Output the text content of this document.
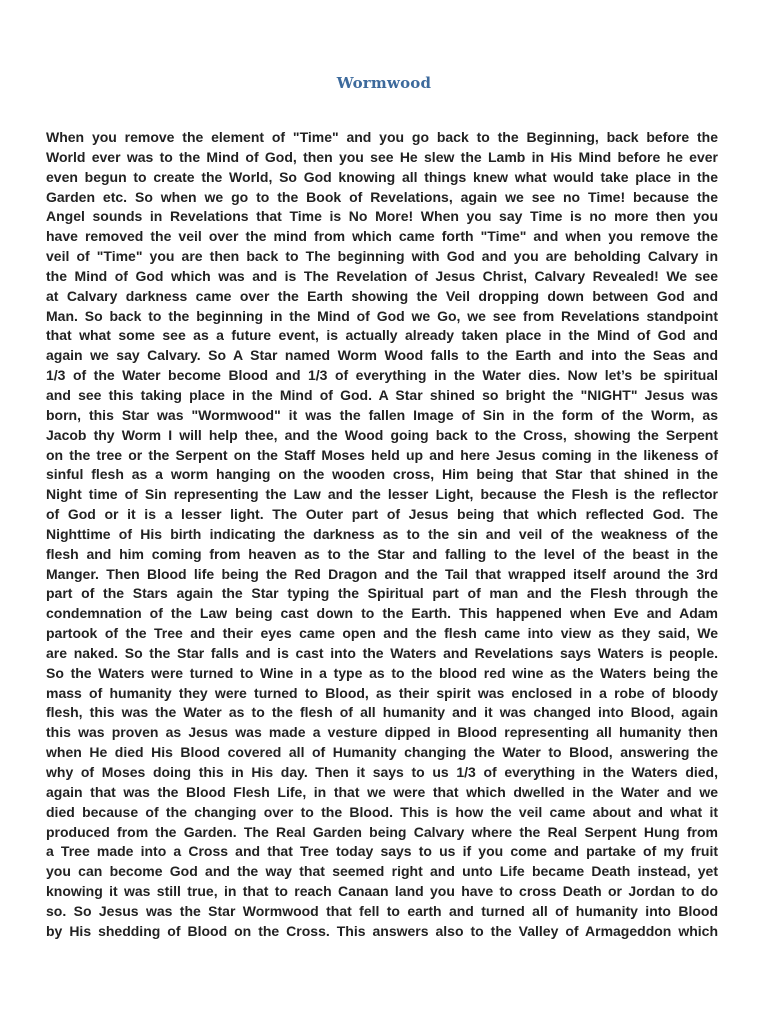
Wormwood
When you remove the element of "Time" and you go back to the Beginning, back before the
World ever was to the Mind of God, then you see He slew the Lamb in His Mind before he ever
even begun to create the World, So God knowing all things knew what would take place in the
Garden etc. So when we go to the Book of Revelations, again we see no Time! because the
Angel sounds in Revelations that Time is No More! When you say Time is no more then you
have removed the veil over the mind from which came forth "Time" and when you remove the
veil of "Time" you are then back to The beginning with God and you are beholding Calvary in
the Mind of God which was and is The Revelation of Jesus Christ, Calvary Revealed! We see
at Calvary darkness came over the Earth showing the Veil dropping down between God and
Man. So back to the beginning in the Mind of God we Go, we see from Revelations standpoint
that what some see as a future event, is actually already taken place in the Mind of God and
again we say Calvary. So A Star named Worm Wood falls to the Earth and into the Seas and
1/3 of the Water become Blood and 1/3 of everything in the Water dies. Now let’s be spiritual
and see this taking place in the Mind of God. A Star shined so bright the "NIGHT" Jesus was
born, this Star was "Wormwood" it was the fallen Image of Sin in the form of the Worm, as
Jacob thy Worm I will help thee, and the Wood going back to the Cross, showing the Serpent
on the tree or the Serpent on the Staff Moses held up and here Jesus coming in the likeness of
sinful flesh as a worm hanging on the wooden cross, Him being that Star that shined in the
Night time of Sin representing the Law and the lesser Light, because the Flesh is the reflector
of God or it is a lesser light. The Outer part of Jesus being that which reflected God. The
Nighttime of His birth indicating the darkness as to the sin and veil of the weakness of the
flesh and him coming from heaven as to the Star and falling to the level of the beast in the
Manger. Then Blood life being the Red Dragon and the Tail that wrapped itself around the 3rd
part of the Stars again the Star typing the Spiritual part of man and the Flesh through the
condemnation of the Law being cast down to the Earth. This happened when Eve and Adam
partook of the Tree and their eyes came open and the flesh came into view as they said, We
are naked. So the Star falls and is cast into the Waters and Revelations says Waters is people.
So the Waters were turned to Wine in a type as to the blood red wine as the Waters being the
mass of humanity they were turned to Blood, as their spirit was enclosed in a robe of bloody
flesh, this was the Water as to the flesh of all humanity and it was changed into Blood, again
this was proven as Jesus was made a vesture dipped in Blood representing all humanity then
when He died His Blood covered all of Humanity changing the Water to Blood, answering the
why of Moses doing this in His day. Then it says to us 1/3 of everything in the Waters died,
again that was the Blood Flesh Life, in that we were that which dwelled in the Water and we
died because of the changing over to the Blood. This is how the veil came about and what it
produced from the Garden. The Real Garden being Calvary where the Real Serpent Hung from
a Tree made into a Cross and that Tree today says to us if you come and partake of my fruit
you can become God and the way that seemed right and unto Life became Death instead, yet
knowing it was still true, in that to reach Canaan land you have to cross Death or Jordan to do
so. So Jesus was the Star Wormwood that fell to earth and turned all of humanity into Blood
by His shedding of Blood on the Cross. This answers also to the Valley of Armageddon which
